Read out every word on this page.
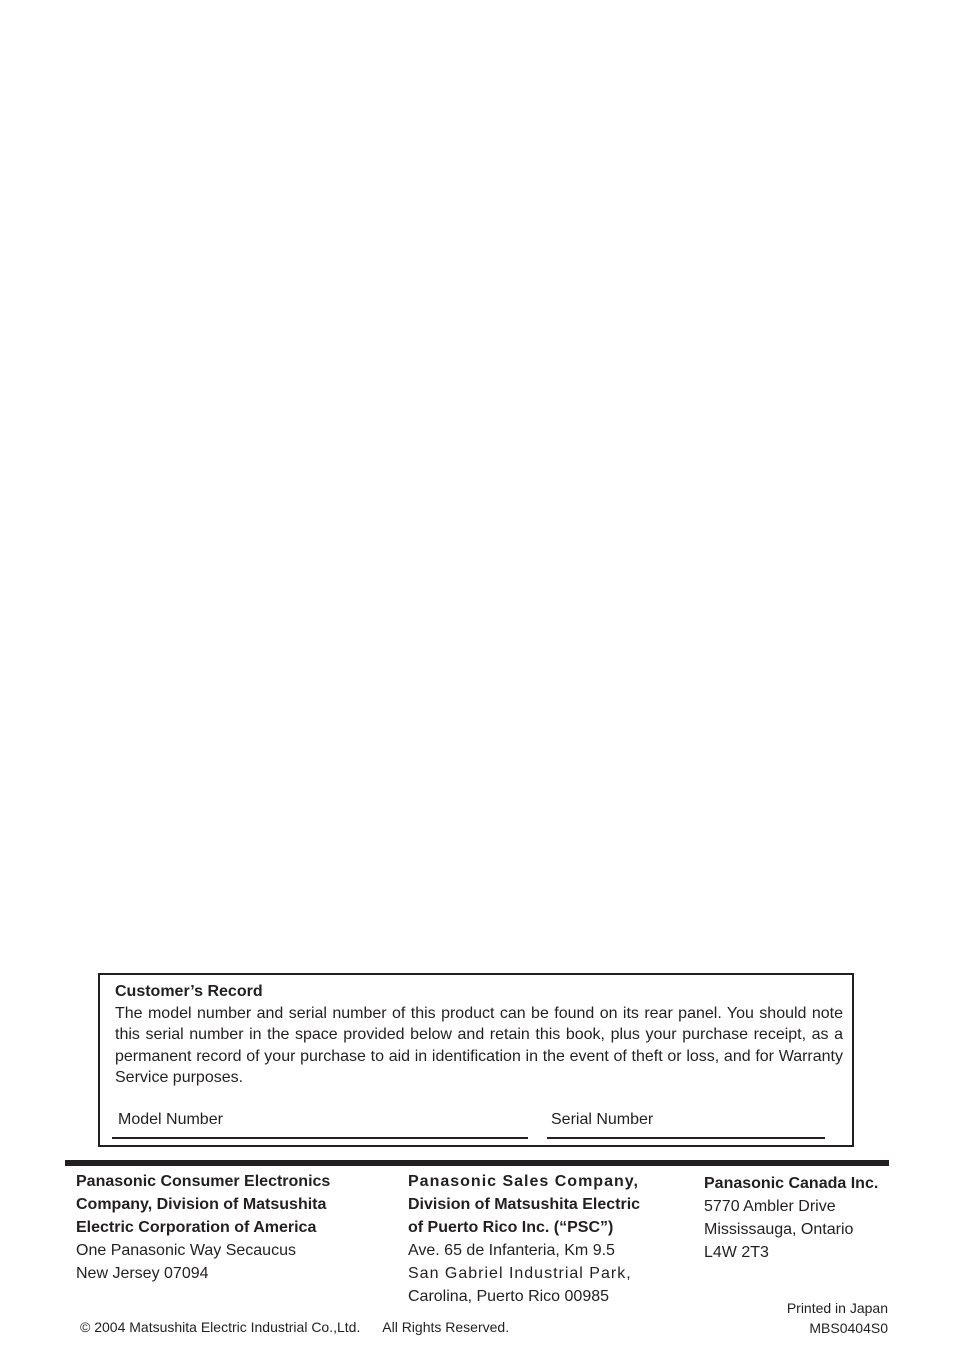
Customer’s Record
The model number and serial number of this product can be found on its rear panel. You should note this serial number in the space provided below and retain this book, plus your purchase receipt, as a permanent record of your purchase to aid in identification in the event of theft or loss, and for Warranty Service purposes.
Model Number	Serial Number
Panasonic Consumer Electronics
Company, Division of Matsushita
Electric Corporation of America
One Panasonic Way Secaucus
New Jersey 07094
Panasonic Sales Company,
Division of Matsushita Electric
of Puerto Rico Inc. (“PSC”)
Ave. 65 de Infanteria, Km 9.5
San Gabriel Industrial Park,
Carolina, Puerto Rico 00985
Panasonic Canada Inc.
5770 Ambler Drive
Mississauga, Ontario
L4W 2T3
Printed in Japan
MBS0404S0
© 2004 Matsushita Electric Industrial Co.,Ltd. All Rights Reserved.
